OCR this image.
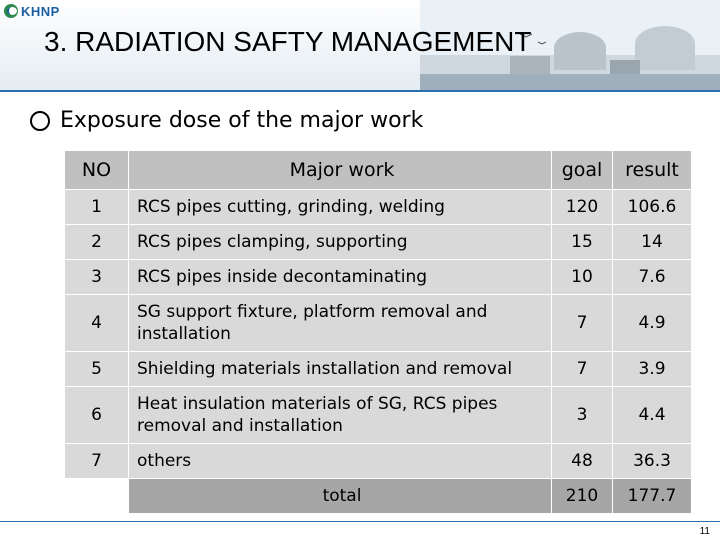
KHNP
3. RADIATION SAFTY MANAGEMENT
Exposure dose of the major work
NO	Major work	goal	result
1	RCS pipes cutting, grinding, welding	120	106.6
2	RCS pipes clamping, supporting	15	14
3	RCS pipes inside decontaminating	10	7.6
4	SG support fixture, platform removal and installation	7	4.9
5	Shielding materials installation and removal	7	3.9
6	Heat insulation materials of SG, RCS pipes removal and installation	3	4.4
7	others	48	36.3
	total	210	177.7
11
